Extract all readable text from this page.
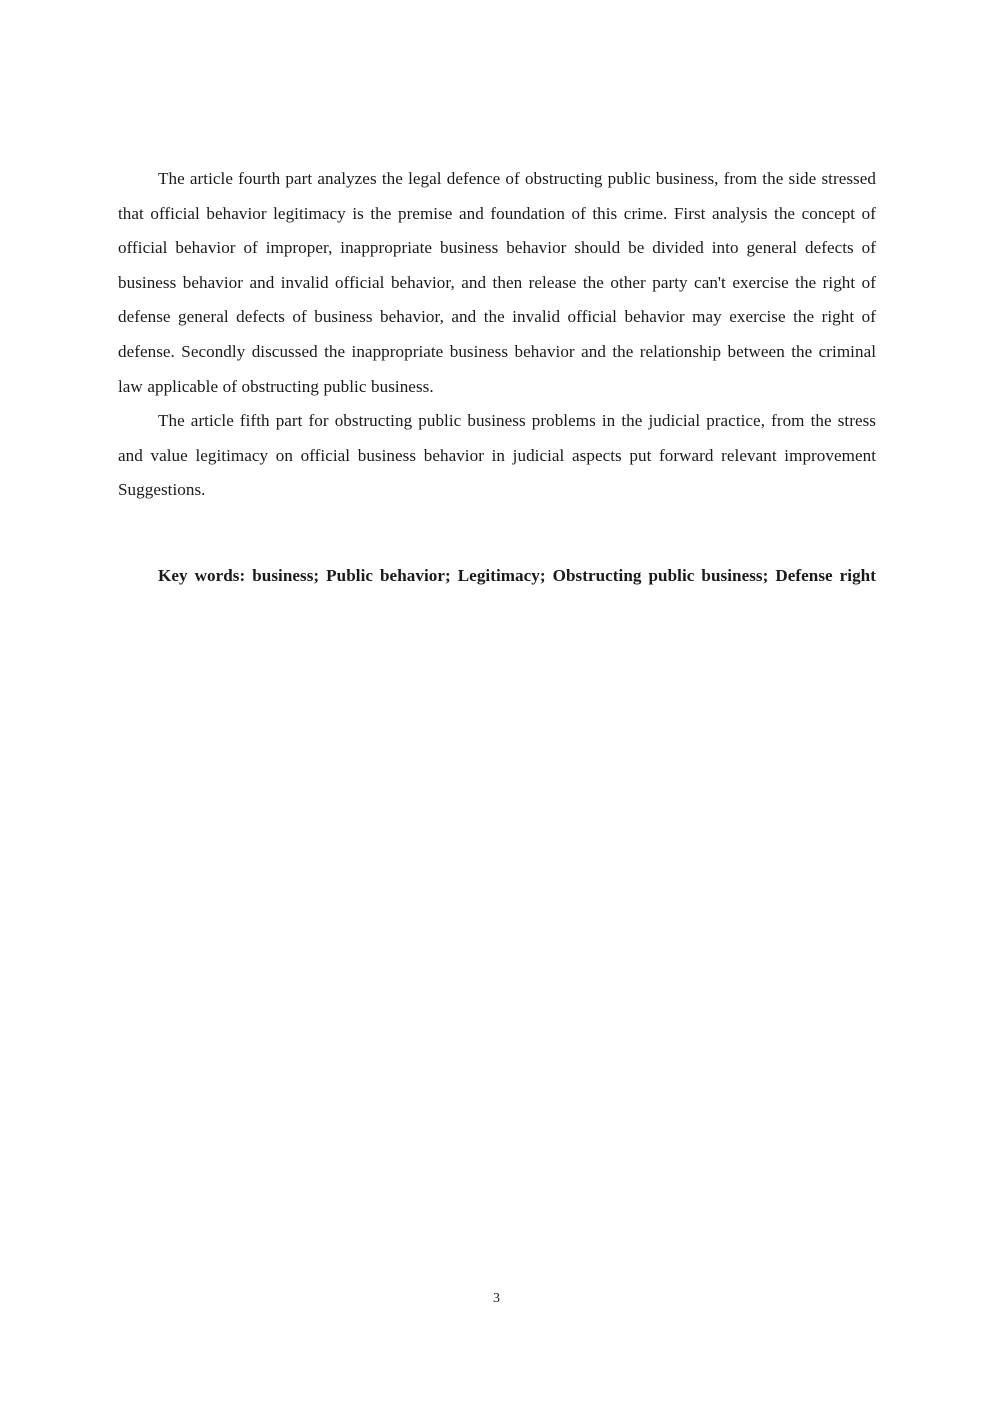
The article fourth part analyzes the legal defence of obstructing public business, from the side stressed that official behavior legitimacy is the premise and foundation of this crime. First analysis the concept of official behavior of improper, inappropriate business behavior should be divided into general defects of business behavior and invalid official behavior, and then release the other party can't exercise the right of defense general defects of business behavior, and the invalid official behavior may exercise the right of defense. Secondly discussed the inappropriate business behavior and the relationship between the criminal law applicable of obstructing public business.

The article fifth part for obstructing public business problems in the judicial practice, from the stress and value legitimacy on official business behavior in judicial aspects put forward relevant improvement Suggestions.

Key words: business; Public behavior; Legitimacy; Obstructing public business; Defense right

3
